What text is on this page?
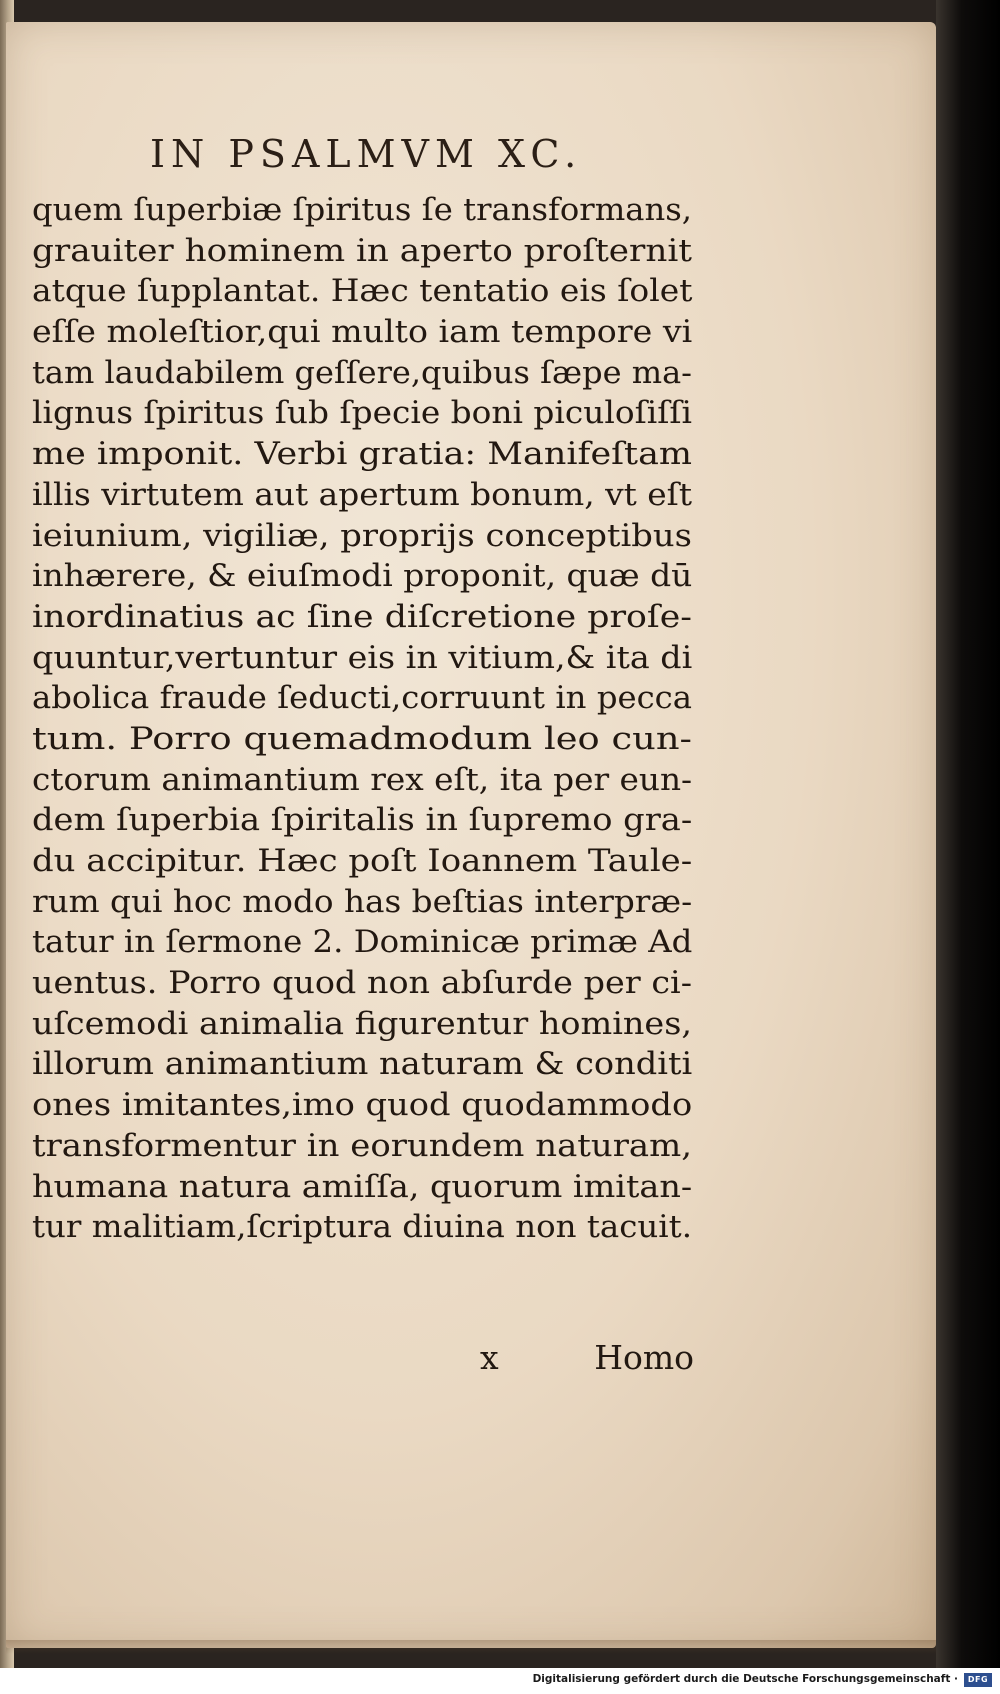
IN PSALMVM XC.
quem ſuperbiæ ſpiritus ſe transformans,
grauiter hominem in aperto proſternit
atque ſupplantat. Hæc tentatio eis ſolet
eſſe moleſtior,qui multo iam tempore vi
tam laudabilem geſſere,quibus ſæpe ma-
lignus ſpiritus ſub ſpecie boni piculoſiſſi
me imponit. Verbi gratia: Manifeſtam
illis virtutem aut apertum bonum, vt eſt
ieiunium, vigiliæ, proprijs conceptibus
inhærere, & eiuſmodi proponit, quæ dū
inordinatius ac ſine diſcretione proſe-
quuntur,vertuntur eis in vitium,& ita di
abolica fraude ſeducti,corruunt in pecca
tum. Porro quemadmodum leo cun-
ctorum animantium rex eſt, ita per eun-
dem ſuperbia ſpiritalis in ſupremo gra-
du accipitur. Hæc poſt Ioannem Taule-
rum qui hoc modo has beſtias interpræ-
tatur in ſermone 2. Dominicæ primæ Ad
uentus. Porro quod non abſurde per ci-
uſcemodi animalia figurentur homines,
illorum animantium naturam & conditi
ones imitantes,imo quod quodammodo
transformentur in eorundem naturam,
humana natura amiſſa, quorum imitan-
tur malitiam,ſcriptura diuina non tacuit.
x	Homo
Digitalisierung gefördert durch die Deutsche Forschungsgemeinschaft ·	DFG
